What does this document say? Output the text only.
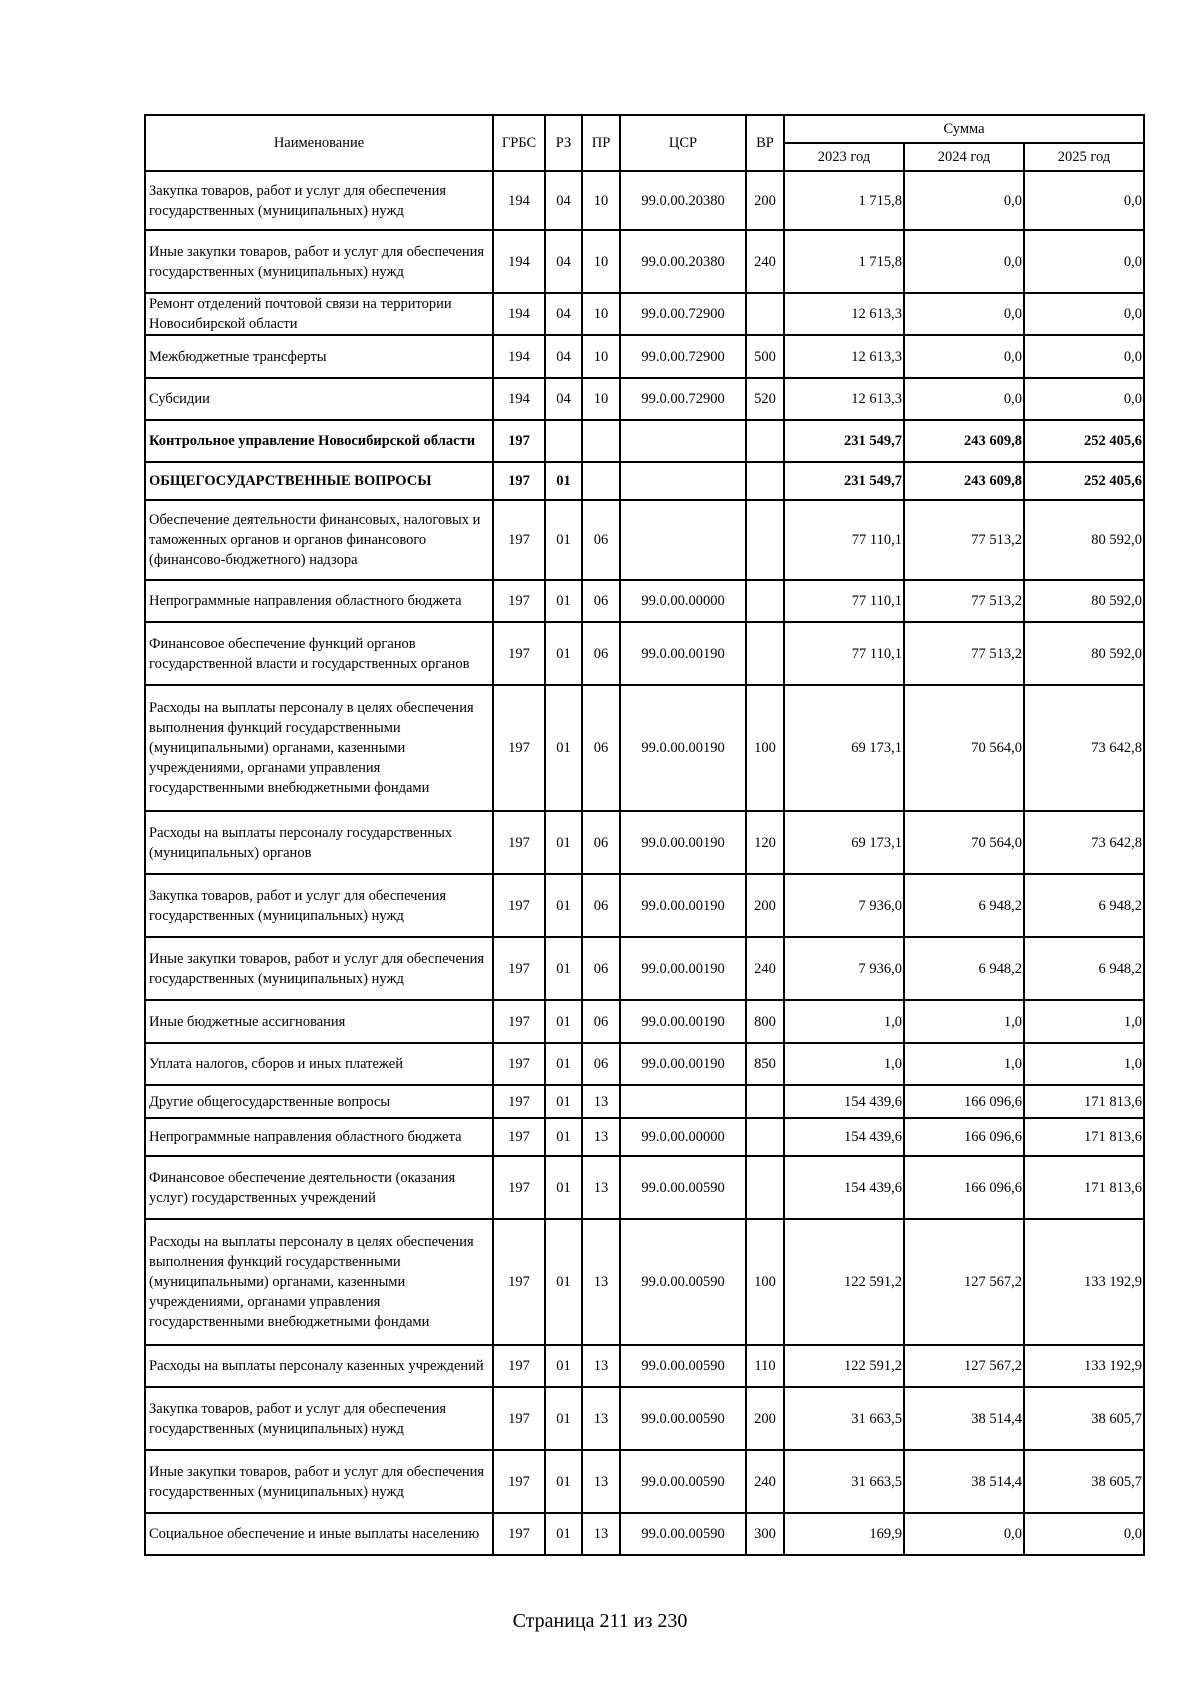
Наименование	ГРБС	РЗ	ПР	ЦСР	ВР	Сумма		
						2023 год	2024 год	2025 год
Закупка товаров, работ и услуг для обеспечения государственных (муниципальных) нужд	194	04	10	99.0.00.20380	200	1 715,8	0,0	0,0
Иные закупки товаров, работ и услуг для обеспечения государственных (муниципальных) нужд	194	04	10	99.0.00.20380	240	1 715,8	0,0	0,0
Ремонт отделений почтовой связи на территории Новосибирской области	194	04	10	99.0.00.72900		12 613,3	0,0	0,0
Межбюджетные трансферты	194	04	10	99.0.00.72900	500	12 613,3	0,0	0,0
Субсидии	194	04	10	99.0.00.72900	520	12 613,3	0,0	0,0
Контрольное управление Новосибирской области	197					231 549,7	243 609,8	252 405,6
ОБЩЕГОСУДАРСТВЕННЫЕ ВОПРОСЫ	197	01				231 549,7	243 609,8	252 405,6
Обеспечение деятельности финансовых, налоговых и таможенных органов и органов финансового (финансово-бюджетного) надзора	197	01	06			77 110,1	77 513,2	80 592,0
Непрограммные направления областного бюджета	197	01	06	99.0.00.00000		77 110,1	77 513,2	80 592,0
Финансовое обеспечение функций органов государственной власти и государственных органов	197	01	06	99.0.00.00190		77 110,1	77 513,2	80 592,0
Расходы на выплаты персоналу в целях обеспечения выполнения функций государственными (муниципальными) органами, казенными учреждениями, органами управления государственными внебюджетными фондами	197	01	06	99.0.00.00190	100	69 173,1	70 564,0	73 642,8
Расходы на выплаты персоналу государственных (муниципальных) органов	197	01	06	99.0.00.00190	120	69 173,1	70 564,0	73 642,8
Закупка товаров, работ и услуг для обеспечения государственных (муниципальных) нужд	197	01	06	99.0.00.00190	200	7 936,0	6 948,2	6 948,2
Иные закупки товаров, работ и услуг для обеспечения государственных (муниципальных) нужд	197	01	06	99.0.00.00190	240	7 936,0	6 948,2	6 948,2
Иные бюджетные ассигнования	197	01	06	99.0.00.00190	800	1,0	1,0	1,0
Уплата налогов, сборов и иных платежей	197	01	06	99.0.00.00190	850	1,0	1,0	1,0
Другие общегосударственные вопросы	197	01	13			154 439,6	166 096,6	171 813,6
Непрограммные направления областного бюджета	197	01	13	99.0.00.00000		154 439,6	166 096,6	171 813,6
Финансовое обеспечение деятельности (оказания услуг) государственных учреждений	197	01	13	99.0.00.00590		154 439,6	166 096,6	171 813,6
Расходы на выплаты персоналу в целях обеспечения выполнения функций государственными (муниципальными) органами, казенными учреждениями, органами управления государственными внебюджетными фондами	197	01	13	99.0.00.00590	100	122 591,2	127 567,2	133 192,9
Расходы на выплаты персоналу казенных учреждений	197	01	13	99.0.00.00590	110	122 591,2	127 567,2	133 192,9
Закупка товаров, работ и услуг для обеспечения государственных (муниципальных) нужд	197	01	13	99.0.00.00590	200	31 663,5	38 514,4	38 605,7
Иные закупки товаров, работ и услуг для обеспечения государственных (муниципальных) нужд	197	01	13	99.0.00.00590	240	31 663,5	38 514,4	38 605,7
Социальное обеспечение и иные выплаты населению	197	01	13	99.0.00.00590	300	169,9	0,0	0,0
Страница 211 из 230
